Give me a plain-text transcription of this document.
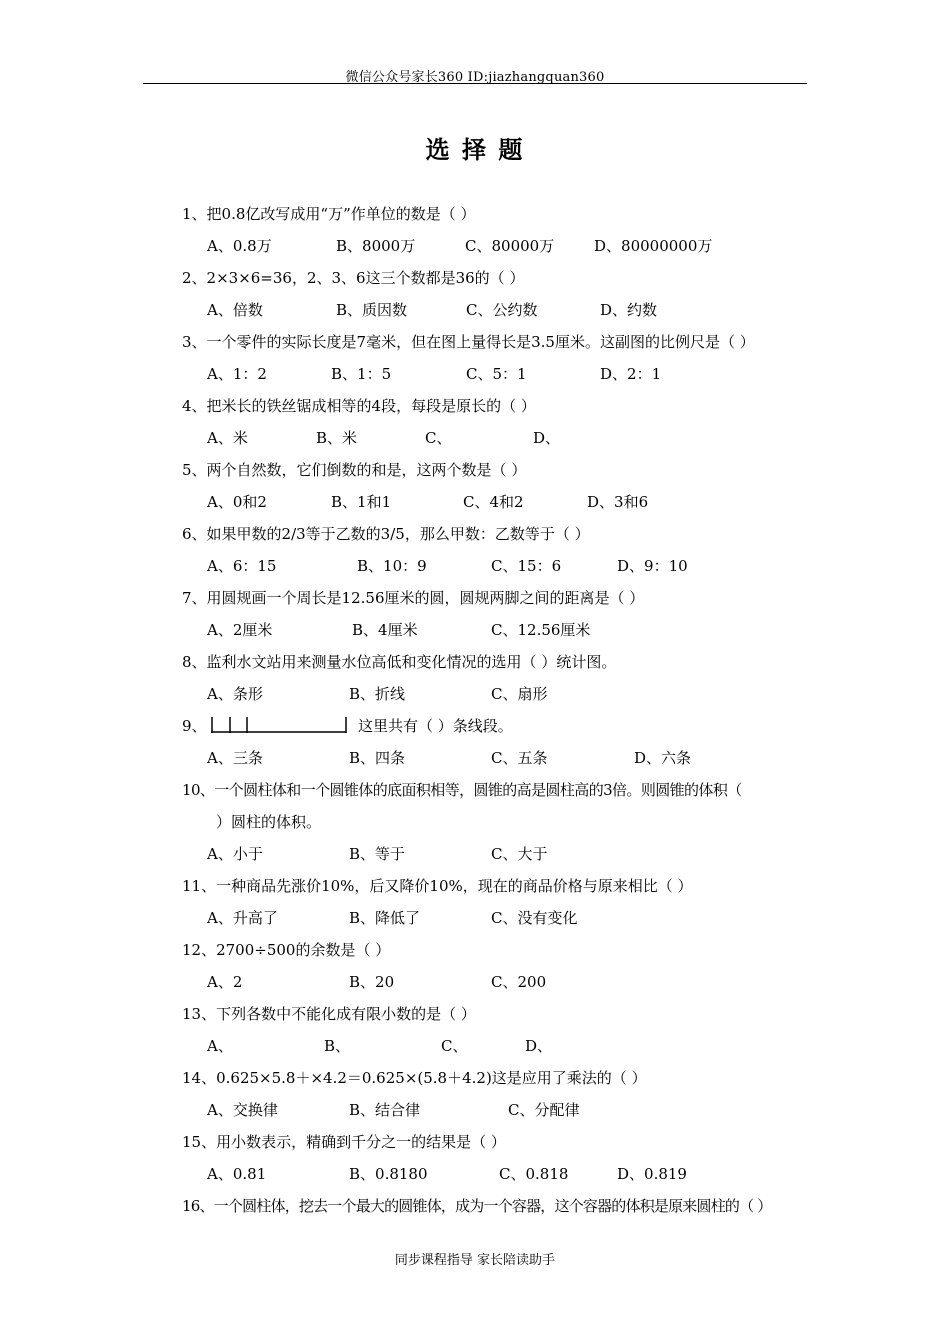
微信公众号家长360 ID:jiazhangquan360
选 择 题
1、把0.8亿改写成用“万”作单位的数是（ ）
A、0.8万	B、8000万	C、80000万	D、80000000万
2、2×3×6=36，2、3、6这三个数都是36的（ ）
A、倍数	B、质因数	C、公约数	D、约数
3、一个零件的实际长度是7毫米，但在图上量得长是3.5厘米。这副图的比例尺是（ ）
A、1：2	B、1：5	C、5：1	D、2：1
4、把米长的铁丝锯成相等的4段，每段是原长的（ ）
A、米	B、米	C、	D、
5、两个自然数，它们倒数的和是，这两个数是（ ）
A、0和2	B、1和1	C、4和2	D、3和6
6、如果甲数的2/3等于乙数的3/5，那么甲数：乙数等于（ ）
A、6：15	B、10：9	C、15：6	D、9：10
7、用圆规画一个周长是12.56厘米的圆，圆规两脚之间的距离是（ ）
A、2厘米	B、4厘米	C、12.56厘米
8、监利水文站用来测量水位高低和变化情况的选用（ ）统计图。
A、条形	B、折线	C、扇形
9、	这里共有（ ）条线段。
A、三条	B、四条	C、五条	D、六条
10、一个圆柱体和一个圆锥体的底面积相等，圆锥的高是圆柱高的3倍。则圆锥的体积（
）圆柱的体积。
A、小于	B、等于	C、大于
11、一种商品先涨价10%，后又降价10%，现在的商品价格与原来相比（ ）
A、升高了	B、降低了	C、没有变化
12、2700÷500的余数是（ ）
A、2	B、20	C、200
13、下列各数中不能化成有限小数的是（ ）
A、	B、	C、	D、
14、0.625×5.8＋×4.2＝0.625×(5.8＋4.2)这是应用了乘法的（ ）
A、交换律	B、结合律	C、分配律
15、用小数表示，精确到千分之一的结果是（ ）
A、0.81	B、0.8180	C、0.818	D、0.819
16、一个圆柱体，挖去一个最大的圆锥体，成为一个容器，这个容器的体积是原来圆柱的（ ）
同步课程指导 家长陪读助手
